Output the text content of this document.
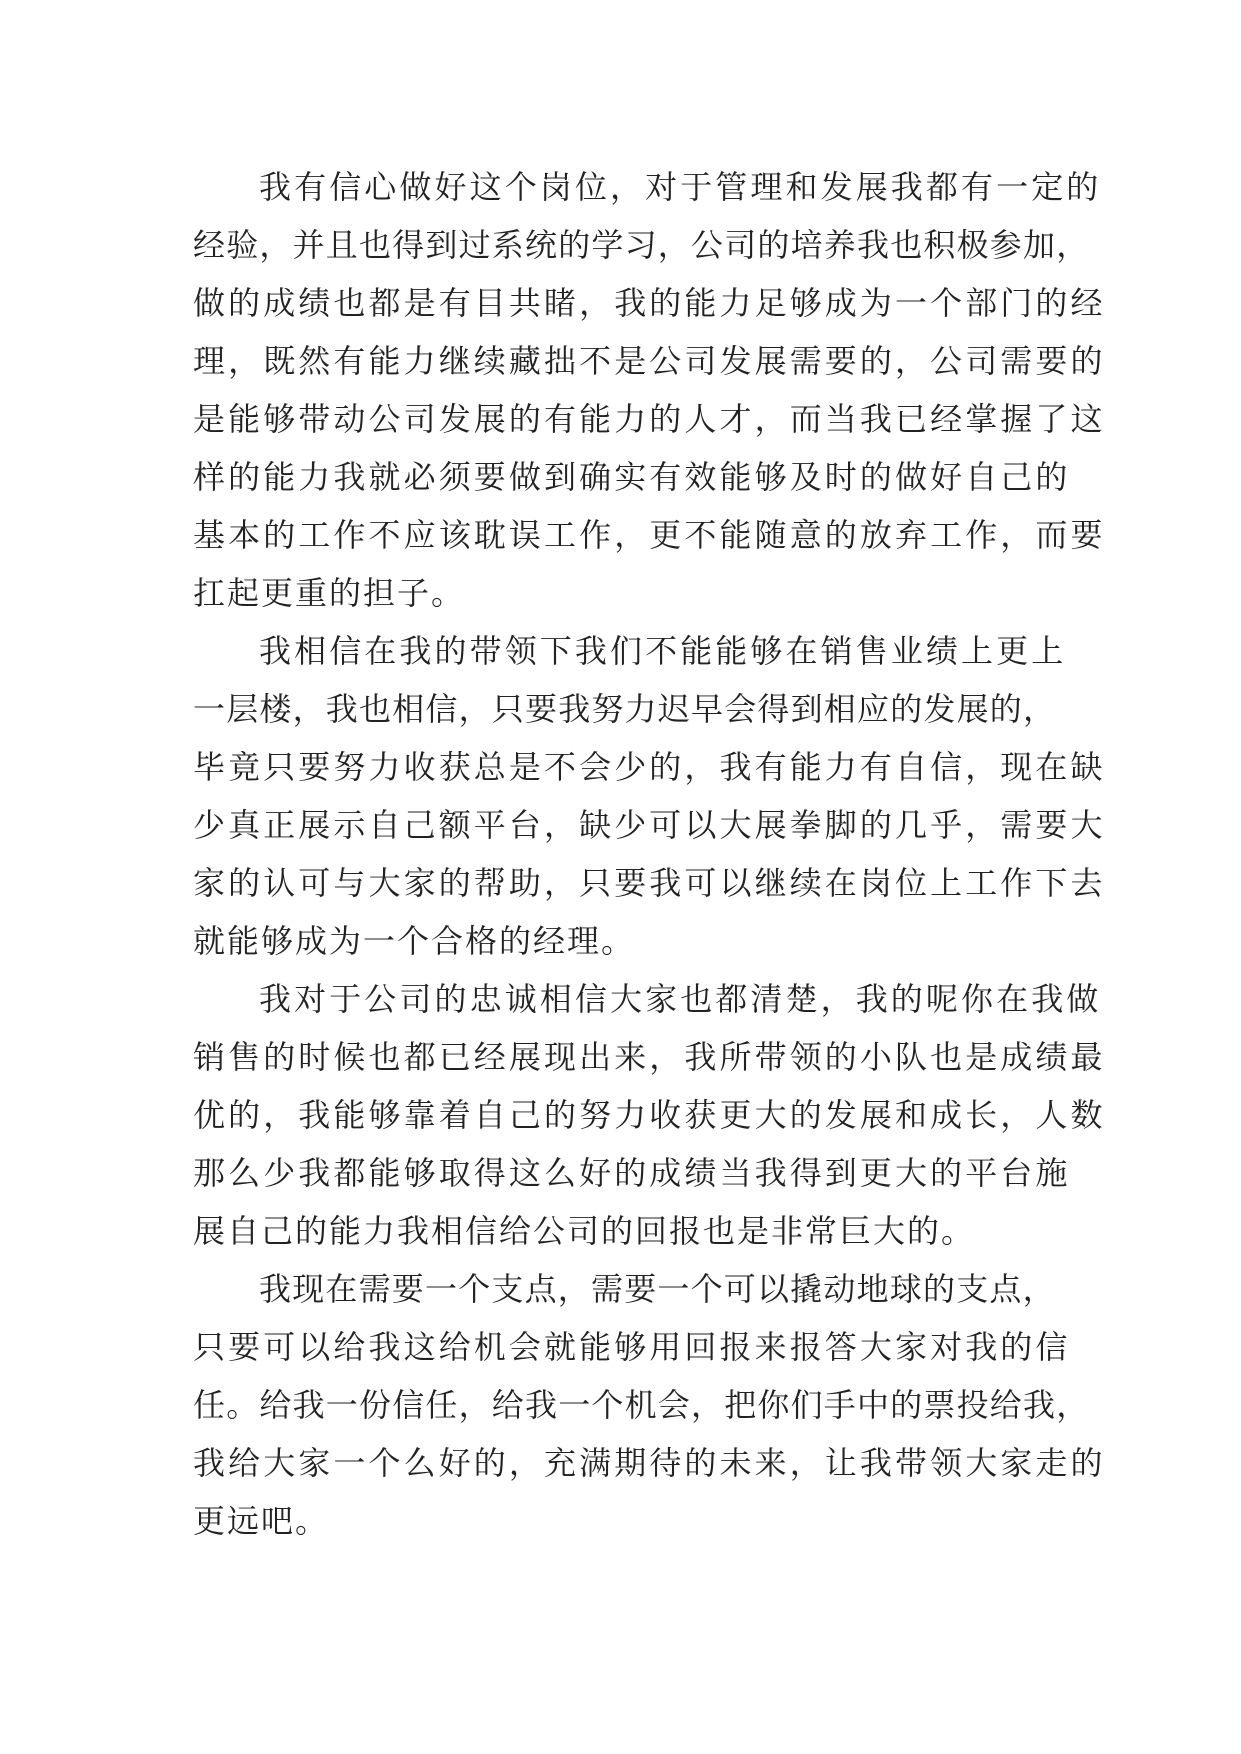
我有信心做好这个岗位，对于管理和发展我都有一定的
经验，并且也得到过系统的学习，公司的培养我也积极参加，
做的成绩也都是有目共睹，我的能力足够成为一个部门的经
理，既然有能力继续藏拙不是公司发展需要的，公司需要的
是能够带动公司发展的有能力的人才，而当我已经掌握了这
样的能力我就必须要做到确实有效能够及时的做好自己的
基本的工作不应该耽误工作，更不能随意的放弃工作，而要
扛起更重的担子。
我相信在我的带领下我们不能能够在销售业绩上更上
一层楼，我也相信，只要我努力迟早会得到相应的发展的，
毕竟只要努力收获总是不会少的，我有能力有自信，现在缺
少真正展示自己额平台，缺少可以大展拳脚的几乎，需要大
家的认可与大家的帮助，只要我可以继续在岗位上工作下去
就能够成为一个合格的经理。
我对于公司的忠诚相信大家也都清楚，我的呢你在我做
销售的时候也都已经展现出来，我所带领的小队也是成绩最
优的，我能够靠着自己的努力收获更大的发展和成长，人数
那么少我都能够取得这么好的成绩当我得到更大的平台施
展自己的能力我相信给公司的回报也是非常巨大的。
我现在需要一个支点，需要一个可以撬动地球的支点，
只要可以给我这给机会就能够用回报来报答大家对我的信
任。给我一份信任，给我一个机会，把你们手中的票投给我，
我给大家一个么好的，充满期待的未来，让我带领大家走的
更远吧。
